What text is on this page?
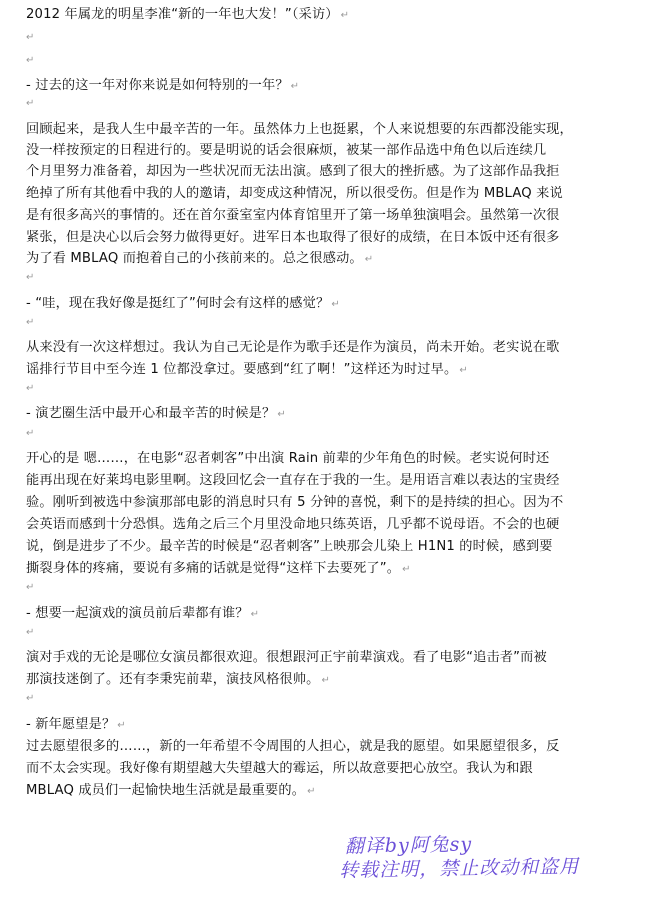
2012 年属龙的明星李准“新的一年也大发！”（采访） ↵
↵
↵
- 过去的这一年对你来说是如何特别的一年？ ↵
↵
回顾起来，是我人生中最辛苦的一年。虽然体力上也挺累，个人来说想要的东西都没能实现，
没一样按预定的日程进行的。要是明说的话会很麻烦，被某一部作品选中角色以后连续几
个月里努力准备着，却因为一些状况而无法出演。感到了很大的挫折感。为了这部作品我拒
绝掉了所有其他看中我的人的邀请，却变成这种情况，所以很受伤。但是作为 MBLAQ 来说
是有很多高兴的事情的。还在首尔蚕室室内体育馆里开了第一场单独演唱会。虽然第一次很
紧张，但是决心以后会努力做得更好。进军日本也取得了很好的成绩，在日本饭中还有很多
为了看 MBLAQ 而抱着自己的小孩前来的。总之很感动。 ↵
↵
- “哇，现在我好像是挺红了”何时会有这样的感觉？ ↵
↵
从来没有一次这样想过。我认为自己无论是作为歌手还是作为演员，尚未开始。老实说在歌
谣排行节目中至今连 1 位都没拿过。要感到“红了啊！”这样还为时过早。 ↵
↵
- 演艺圈生活中最开心和最辛苦的时候是？ ↵
↵
开心的是 嗯……，在电影“忍者刺客”中出演 Rain 前辈的少年角色的时候。老实说何时还
能再出现在好莱坞电影里啊。这段回忆会一直存在于我的一生。是用语言难以表达的宝贵经
验。刚听到被选中参演那部电影的消息时只有 5 分钟的喜悦，剩下的是持续的担心。因为不
会英语而感到十分恐惧。选角之后三个月里没命地只练英语，几乎都不说母语。不会的也硬
说，倒是进步了不少。最辛苦的时候是“忍者刺客”上映那会儿染上 H1N1 的时候，感到要
撕裂身体的疼痛，要说有多痛的话就是觉得“这样下去要死了”。 ↵
↵
- 想要一起演戏的演员前后辈都有谁？ ↵
↵
演对手戏的无论是哪位女演员都很欢迎。很想跟河正宇前辈演戏。看了电影“追击者”而被
那演技迷倒了。还有李秉宪前辈，演技风格很帅。 ↵
↵
- 新年愿望是？ ↵
过去愿望很多的……，新的一年希望不令周围的人担心，就是我的愿望。如果愿望很多，反
而不太会实现。我好像有期望越大失望越大的霉运，所以故意要把心放空。我认为和跟
MBLAQ 成员们一起愉快地生活就是最重要的。 ↵
翻译by阿兔sy
转载注明，禁止改动和盗用
